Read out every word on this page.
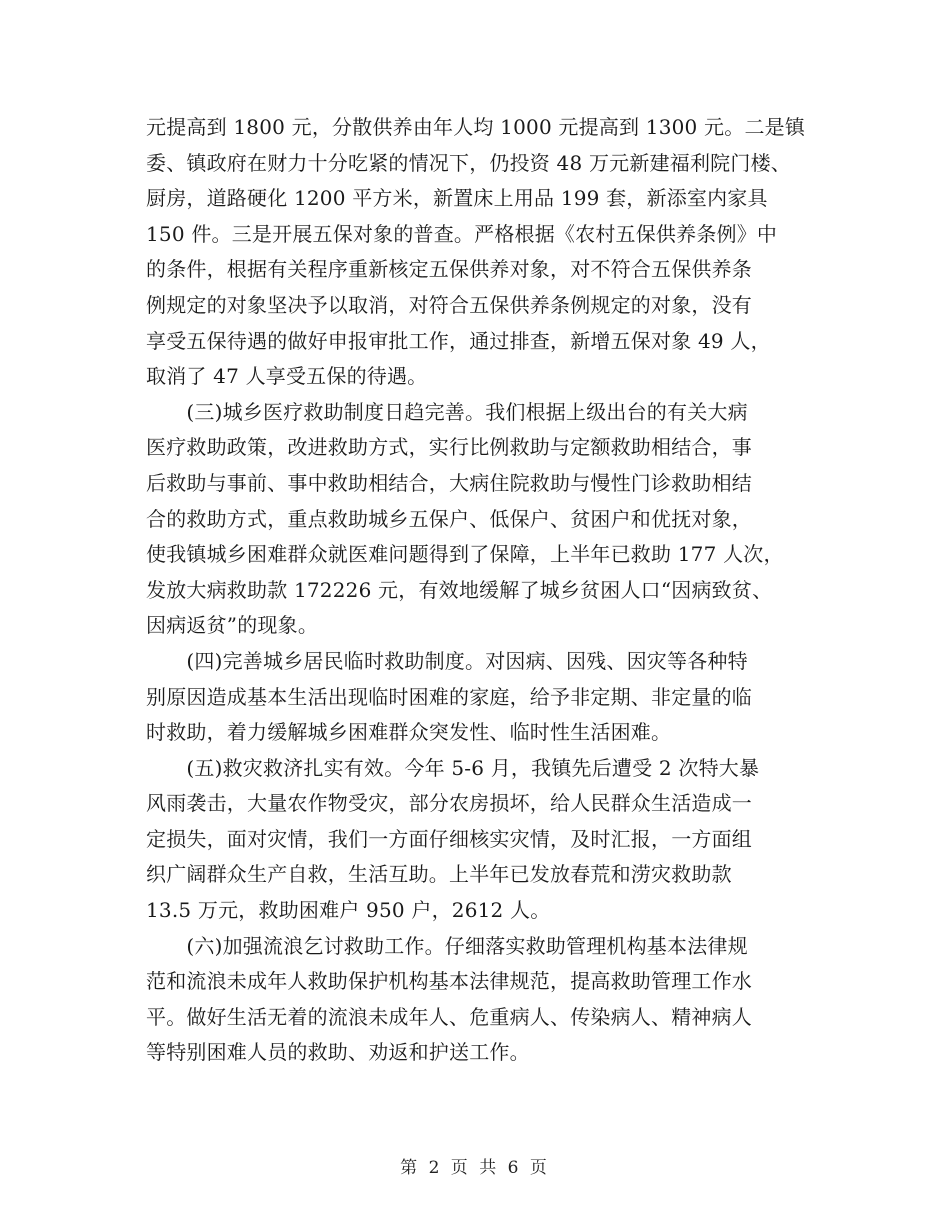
元提高到 1800 元，分散供养由年人均 1000 元提高到 1300 元。二是镇
委、镇政府在财力十分吃紧的情况下，仍投资 48 万元新建福利院门楼、
厨房，道路硬化 1200 平方米，新置床上用品 199 套，新添室内家具
150 件。三是开展五保对象的普查。严格根据《农村五保供养条例》中
的条件，根据有关程序重新核定五保供养对象，对不符合五保供养条
例规定的对象坚决予以取消，对符合五保供养条例规定的对象，没有
享受五保待遇的做好申报审批工作，通过排查，新增五保对象 49 人，
取消了 47 人享受五保的待遇。
　　(三)城乡医疗救助制度日趋完善。我们根据上级出台的有关大病
医疗救助政策，改进救助方式，实行比例救助与定额救助相结合，事
后救助与事前、事中救助相结合，大病住院救助与慢性门诊救助相结
合的救助方式，重点救助城乡五保户、低保户、贫困户和优抚对象，
使我镇城乡困难群众就医难问题得到了保障，上半年已救助 177 人次，
发放大病救助款 172226 元，有效地缓解了城乡贫困人口“因病致贫、
因病返贫”的现象。
　　(四)完善城乡居民临时救助制度。对因病、因残、因灾等各种特
别原因造成基本生活出现临时困难的家庭，给予非定期、非定量的临
时救助，着力缓解城乡困难群众突发性、临时性生活困难。
　　(五)救灾救济扎实有效。今年 5-6 月，我镇先后遭受 2 次特大暴
风雨袭击，大量农作物受灾，部分农房损坏，给人民群众生活造成一
定损失，面对灾情，我们一方面仔细核实灾情，及时汇报，一方面组
织广阔群众生产自救，生活互助。上半年已发放春荒和涝灾救助款
13.5 万元，救助困难户 950 户，2612 人。
　　(六)加强流浪乞讨救助工作。仔细落实救助管理机构基本法律规
范和流浪未成年人救助保护机构基本法律规范，提高救助管理工作水
平。做好生活无着的流浪未成年人、危重病人、传染病人、精神病人
等特别困难人员的救助、劝返和护送工作。
第 2 页 共 6 页
